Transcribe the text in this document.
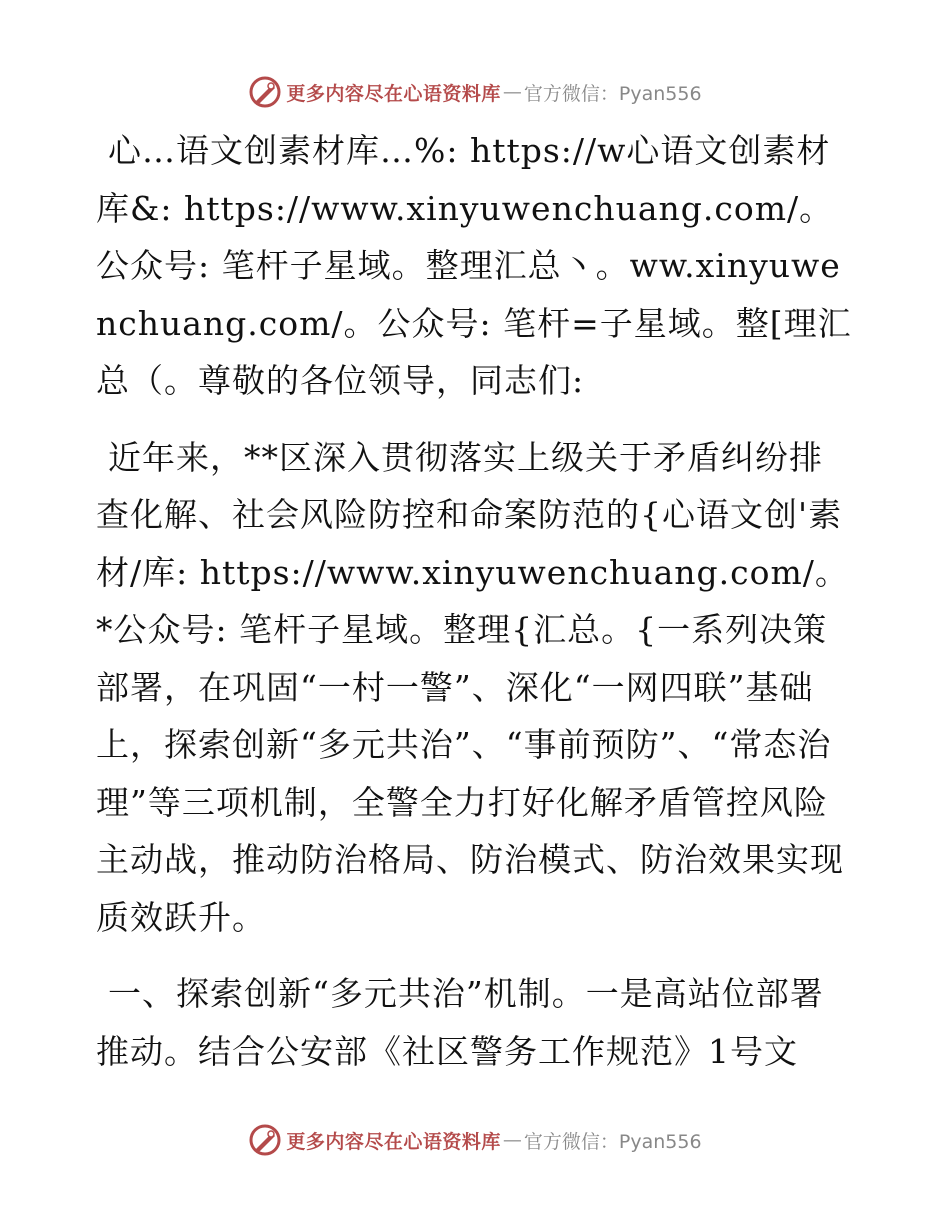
更多内容尽在心语资料库 — 官方微信：Pyan556

心…语文创素材库…%: https://w心语文创素材库&: https://www.xinyuwenchuang.com/。公众号: 笔杆子星域。整理汇总丶。ww.xinyuwenchuang.com/。公众号: 笔杆=子星域。整[理汇总（。尊敬的各位领导，同志们:

近年来，**区深入贯彻落实上级关于矛盾纠纷排查化解、社会风险防控和命案防范的{心语文创'素材/库: https://www.xinyuwenchuang.com/。*公众号: 笔杆子星域。整理{汇总。{一系列决策部署，在巩固“一村一警”、深化“一网四联”基础上，探索创新“多元共治”、“事前预防”、“常态治理”等三项机制，全警全力打好化解矛盾管控风险主动战，推动防治格局、防治模式、防治效果实现质效跃升。

一、探索创新“多元共治”机制。一是高站位部署推动。结合公安部《社区警务工作规范》1号文

更多内容尽在心语资料库 — 官方微信：Pyan556
